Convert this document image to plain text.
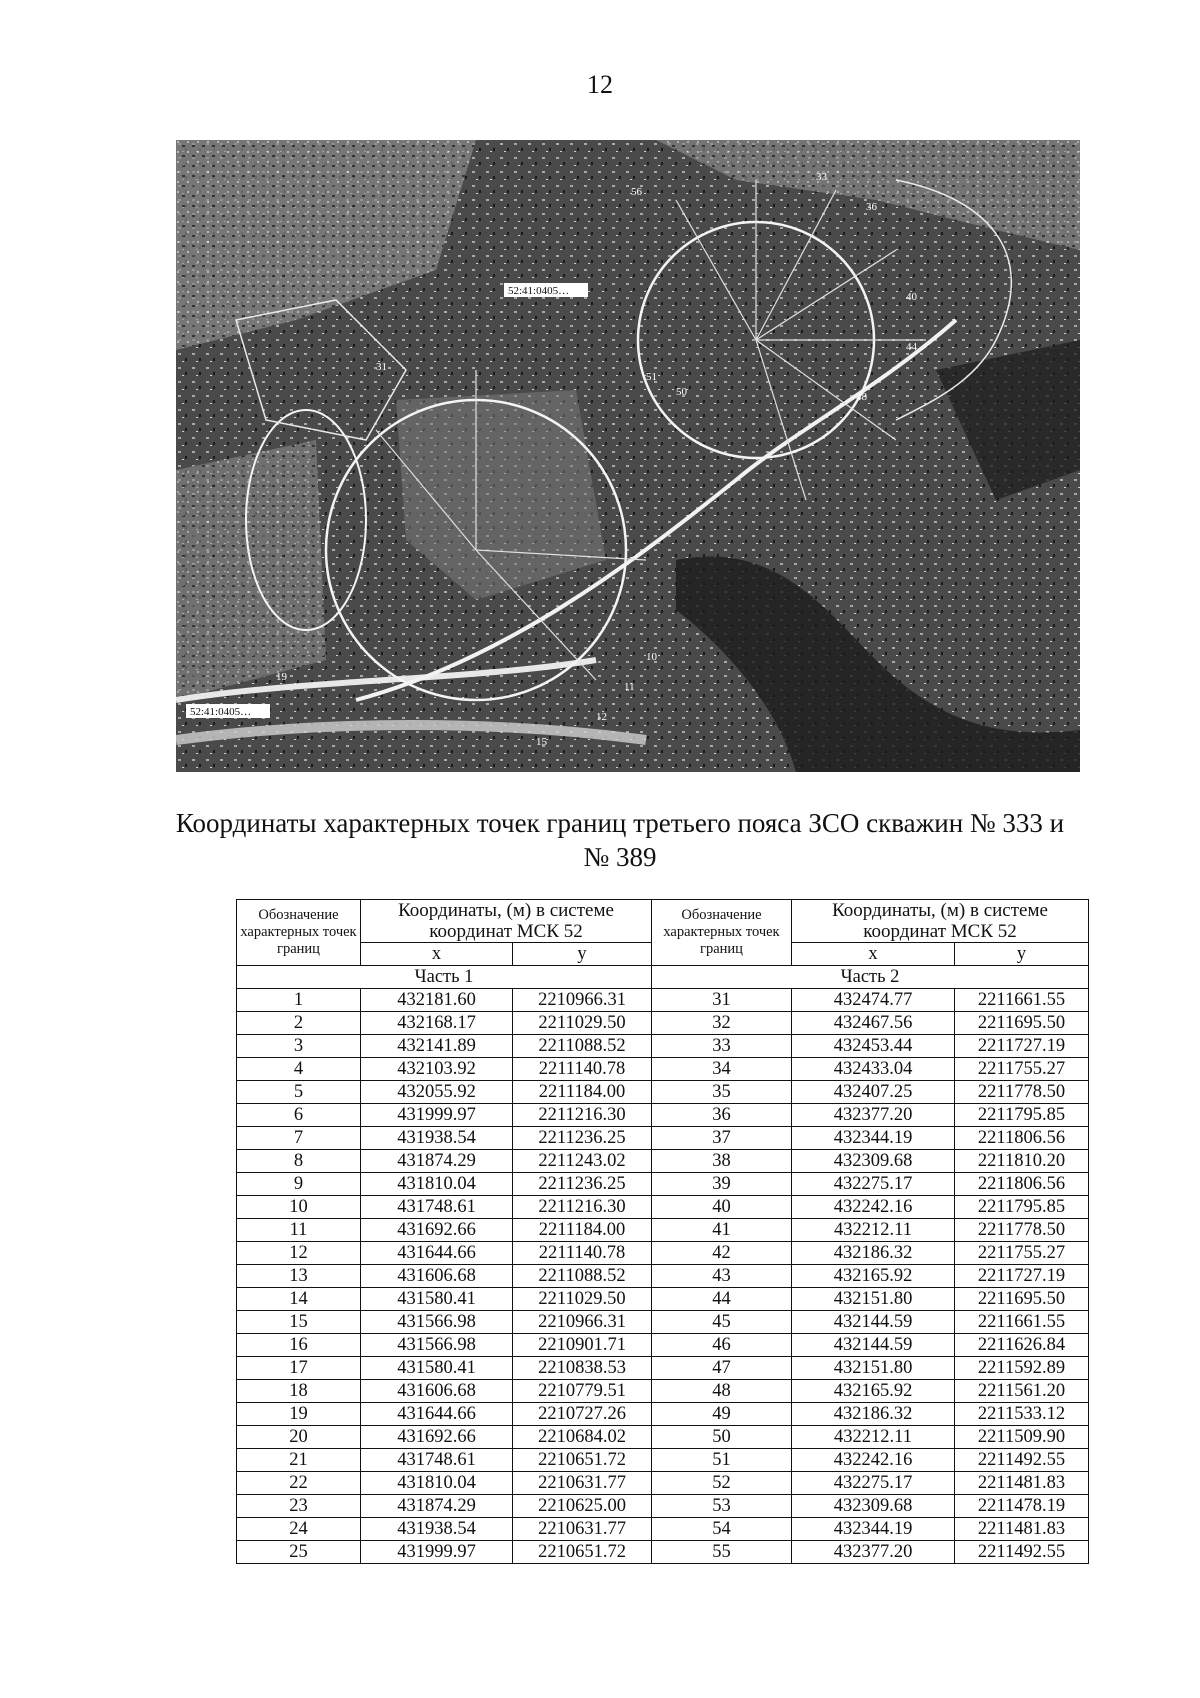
12
52:41:0405…
52:41:0405…
10
11
12
15
19
31
33
36
40
44
48
50
51
56
Координаты характерных точек границ третьего пояса ЗСО скважин № 333 и
№ 389
Обозначение характерных точек границ	Координаты, (м) в системе координат МСК 52		Обозначение характерных точек границ	Координаты, (м) в системе координат МСК 52	
	x	y		x	y
Часть 1			Часть 2		
1	432181.60	2210966.31	31	432474.77	2211661.55
2	432168.17	2211029.50	32	432467.56	2211695.50
3	432141.89	2211088.52	33	432453.44	2211727.19
4	432103.92	2211140.78	34	432433.04	2211755.27
5	432055.92	2211184.00	35	432407.25	2211778.50
6	431999.97	2211216.30	36	432377.20	2211795.85
7	431938.54	2211236.25	37	432344.19	2211806.56
8	431874.29	2211243.02	38	432309.68	2211810.20
9	431810.04	2211236.25	39	432275.17	2211806.56
10	431748.61	2211216.30	40	432242.16	2211795.85
11	431692.66	2211184.00	41	432212.11	2211778.50
12	431644.66	2211140.78	42	432186.32	2211755.27
13	431606.68	2211088.52	43	432165.92	2211727.19
14	431580.41	2211029.50	44	432151.80	2211695.50
15	431566.98	2210966.31	45	432144.59	2211661.55
16	431566.98	2210901.71	46	432144.59	2211626.84
17	431580.41	2210838.53	47	432151.80	2211592.89
18	431606.68	2210779.51	48	432165.92	2211561.20
19	431644.66	2210727.26	49	432186.32	2211533.12
20	431692.66	2210684.02	50	432212.11	2211509.90
21	431748.61	2210651.72	51	432242.16	2211492.55
22	431810.04	2210631.77	52	432275.17	2211481.83
23	431874.29	2210625.00	53	432309.68	2211478.19
24	431938.54	2210631.77	54	432344.19	2211481.83
25	431999.97	2210651.72	55	432377.20	2211492.55
